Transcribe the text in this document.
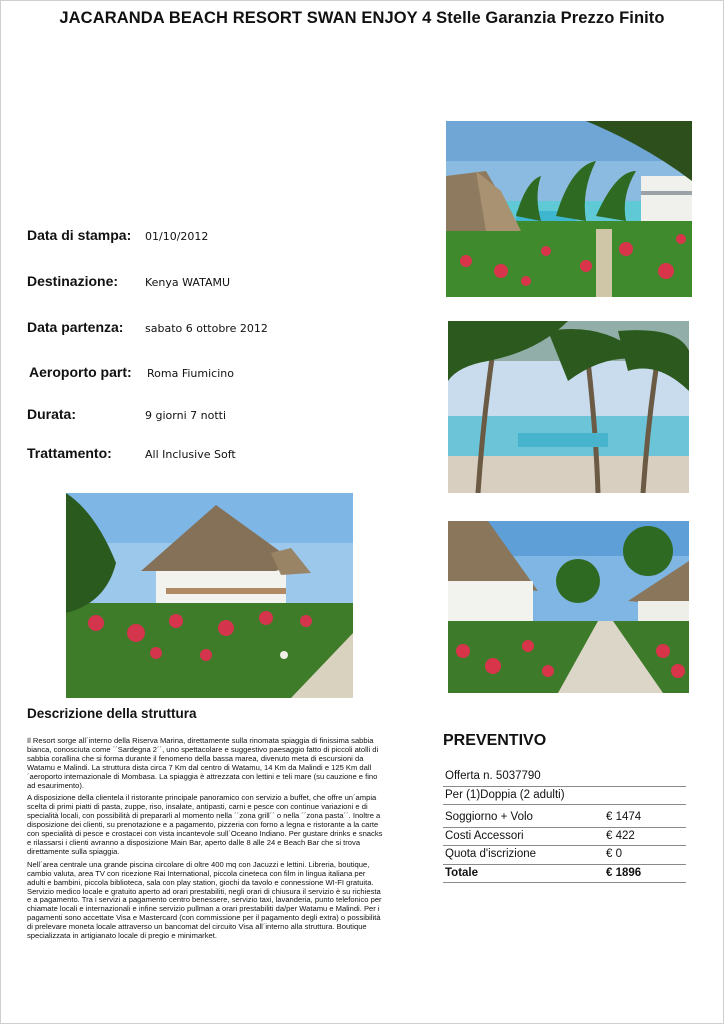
JACARANDA BEACH RESORT SWAN ENJOY 4 Stelle Garanzia Prezzo Finito
Data di stampa: 01/10/2012
Destinazione: Kenya WATAMU
Data partenza: sabato 6 ottobre 2012
Aeroporto part: Roma Fiumicino
Durata:	9 giorni 7 notti
Trattamento:	All Inclusive Soft
Descrizione della struttura

Il Resort sorge all´interno della Riserva Marina, direttamente sulla rinomata spiaggia di finissima sabbia bianca, conosciuta come ´´Sardegna 2´´, uno spettacolare e suggestivo paesaggio fatto di piccoli atolli di sabbia corallina che si forma durante il fenomeno della bassa marea, divenuto meta di escursioni da Watamu e Malindi. La struttura dista circa 7 Km dal centro di Watamu, 14 Km da Malindi e 125 Km dall´aeroporto internazionale di Mombasa. La spiaggia è attrezzata con lettini e teli mare (su cauzione e fino ad esaurimento).

A disposizione della clientela il ristorante principale panoramico con servizio a buffet, che offre un´ampia scelta di primi piatti di pasta, zuppe, riso, insalate, antipasti, carni e pesce con continue variazioni e di specialità locali, con possibilità di prepararli al momento nella ´´zona grill´´ o nella ´´zona pasta´´. Inoltre a disposizione dei clienti, su prenotazione e a pagamento, pizzeria con forno a legna e ristorante a la carte con specialità di pesce e crostacei con vista incantevole sull´Oceano Indiano. Per gustare drinks e snacks e rilassarsi i clienti avranno a disposizione Main Bar, aperto dalle 8 alle 24 e Beach Bar che si trova direttamente sulla spiaggia.

Nell´area centrale una grande piscina circolare di oltre 400 mq con Jacuzzi e lettini. Libreria, boutique, cambio valuta, area TV con ricezione Rai International, piccola cineteca con film in lingua italiana per adulti e bambini, piccola biblioteca, sala con play station, giochi da tavolo e connessione WI-FI gratuita. Servizio medico locale e gratuito aperto ad orari prestabiliti, negli orari di chiusura il servizio è su richiesta e a pagamento. Tra i servizi a pagamento centro benessere, servizio taxi, lavanderia, punto telefonico per chiamate locali e internazionali e infine servizio pullman a orari prestabiliti da/per Watamu e Malindi. Per i pagamenti sono accettate Visa e Mastercard (con commissione per il pagamento degli extra) o possibilità di prelevare moneta locale attraverso un bancomat del circuito Visa all´interno alla struttura. Boutique specializzata in artigianato locale di pregio e minimarket.

PREVENTIVO
Offerta n. 5037790
Per (1)Doppia (2 adulti)
Soggiorno + Volo	€ 1474
Costi Accessori	€ 422
Quota d'iscrizione	€ 0
Totale	€ 1896
